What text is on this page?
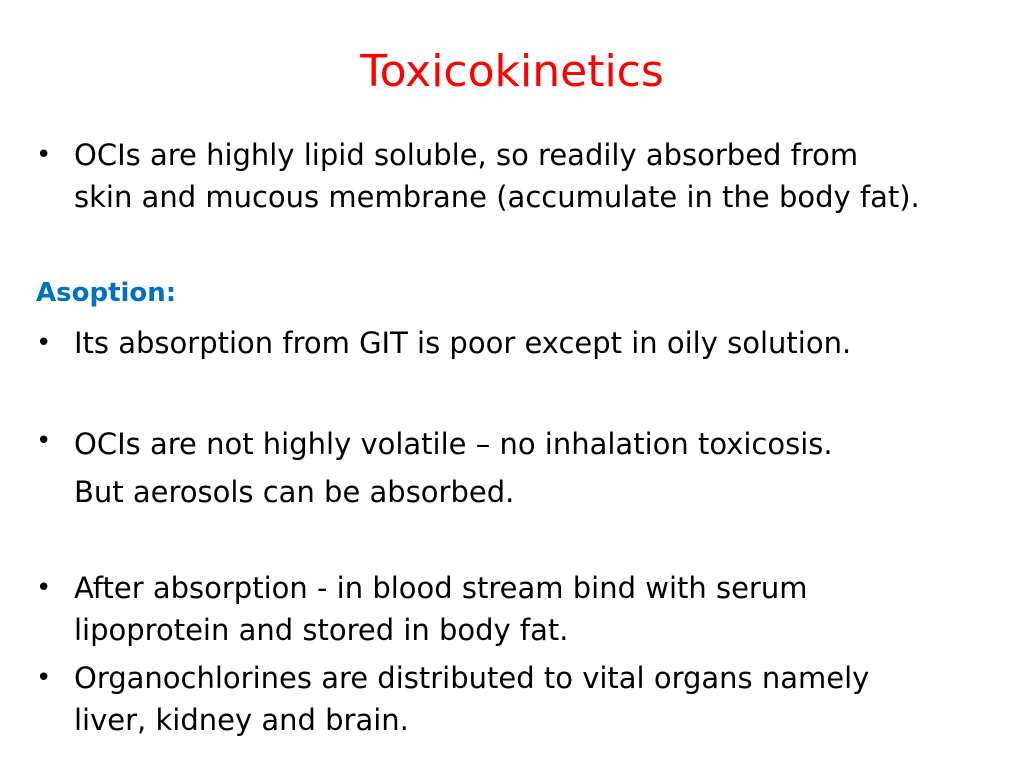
Toxicokinetics
• OCIs are highly lipid soluble, so readily absorbed from
skin and mucous membrane (accumulate in the body fat).
Asoption:
• Its absorption from GIT is poor except in oily solution.
• OCIs are not highly volatile – no inhalation toxicosis.
But aerosols can be absorbed.
• After absorption - in blood stream bind with serum
lipoprotein and stored in body fat.
• Organochlorines are distributed to vital organs namely
liver, kidney and brain.
